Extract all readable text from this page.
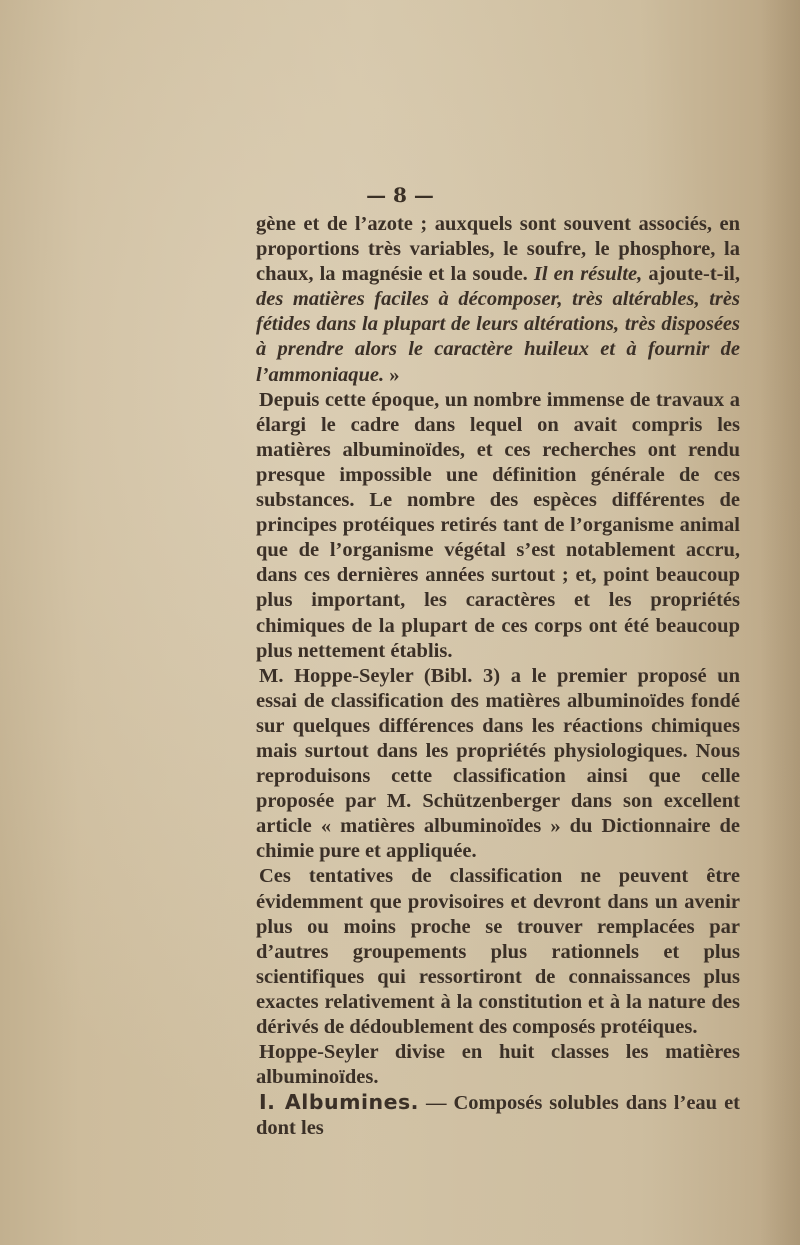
— 8 —

gène et de l’azote ; auxquels sont souvent associés, en proportions très variables, le soufre, le phosphore, la chaux, la magnésie et la soude. Il en résulte, ajoute-t-il, des matières faciles à décomposer, très altérables, très fétides dans la plupart de leurs altérations, très disposées à prendre alors le caractère huileux et à fournir de l’ammoniaque. »

Depuis cette époque, un nombre immense de travaux a élargi le cadre dans lequel on avait compris les matières albuminoïdes, et ces recherches ont rendu presque impossible une définition générale de ces substances. Le nombre des espèces différentes de principes protéiques retirés tant de l’organisme animal que de l’organisme végétal s’est notablement accru, dans ces dernières années surtout ; et, point beaucoup plus important, les caractères et les propriétés chimiques de la plupart de ces corps ont été beaucoup plus nettement établis.

M. Hoppe-Seyler (Bibl. 3) a le premier proposé un essai de classification des matières albuminoïdes fondé sur quelques différences dans les réactions chimiques mais surtout dans les propriétés physiologiques. Nous reproduisons cette classification ainsi que celle proposée par M. Schützenberger dans son excellent article « matières albuminoïdes » du Dictionnaire de chimie pure et appliquée.

Ces tentatives de classification ne peuvent être évidemment que provisoires et devront dans un avenir plus ou moins proche se trouver remplacées par d’autres groupements plus rationnels et plus scientifiques qui ressortiront de connaissances plus exactes relativement à la constitution et à la nature des dérivés de dédoublement des composés protéiques.

Hoppe-Seyler divise en huit classes les matières albuminoïdes.

I. Albumines. — Composés solubles dans l’eau et dont les
